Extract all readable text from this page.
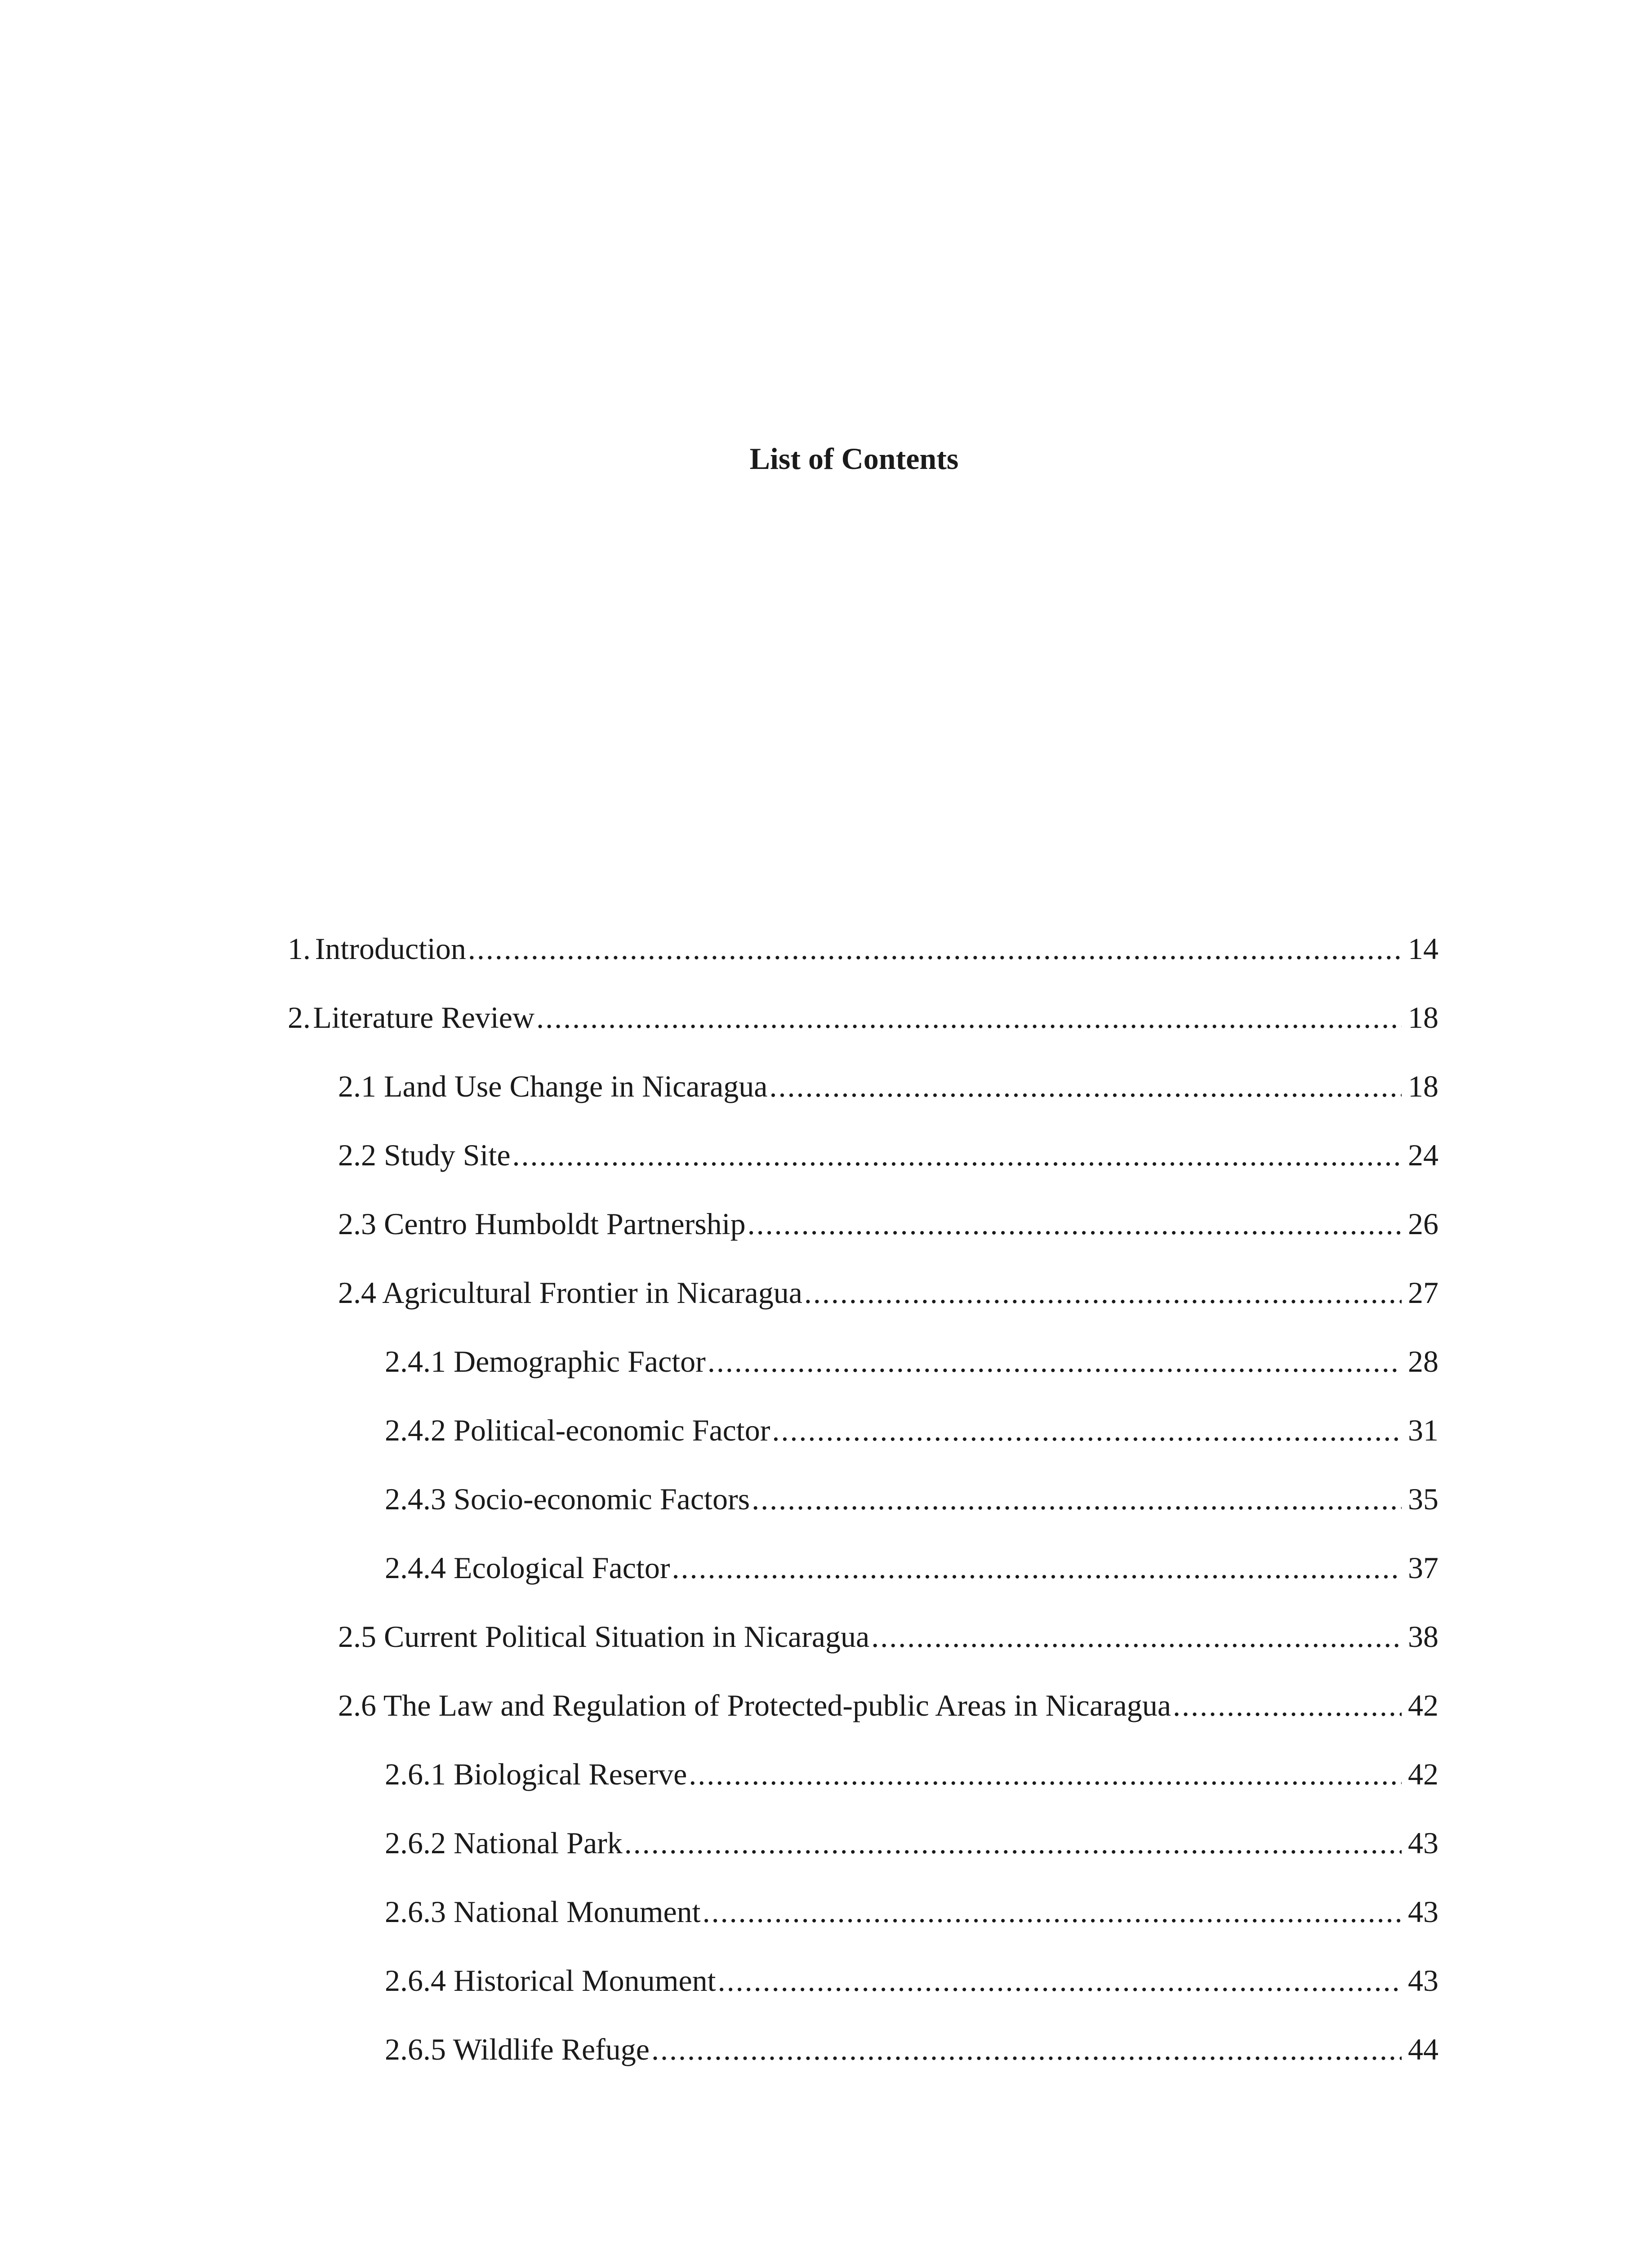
List of Contents
1. Introduction .....	14
2. Literature Review .....	18
2.1 Land Use Change in Nicaragua .....	18
2.2 Study Site .....	24
2.3 Centro Humboldt Partnership .....	26
2.4 Agricultural Frontier in Nicaragua .....	27
2.4.1 Demographic Factor .....	28
2.4.2 Political-economic Factor .....	31
2.4.3 Socio-economic Factors .....	35
2.4.4 Ecological Factor .....	37
2.5 Current Political Situation in Nicaragua .....	38
2.6 The Law and Regulation of Protected-public Areas in Nicaragua .....	42
2.6.1 Biological Reserve .....	42
2.6.2 National Park .....	43
2.6.3 National Monument .....	43
2.6.4 Historical Monument .....	43
2.6.5 Wildlife Refuge .....	44
